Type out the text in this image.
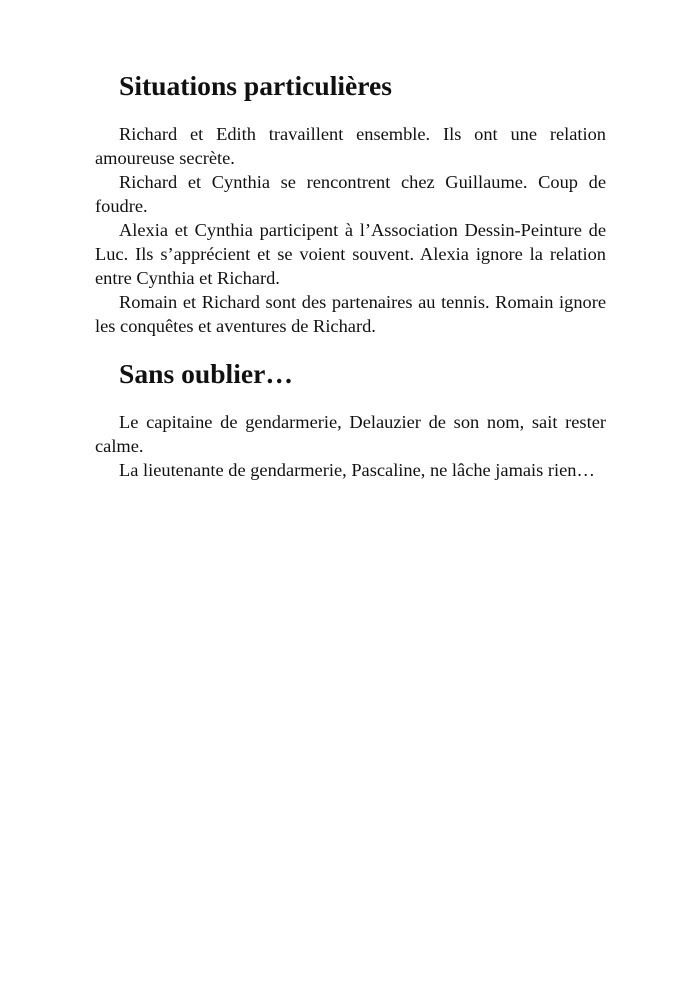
Situations particulières

Richard et Edith travaillent ensemble. Ils ont une relation amoureuse secrète.

Richard et Cynthia se rencontrent chez Guillaume. Coup de foudre.

Alexia et Cynthia participent à l’Association Dessin-Peinture de Luc. Ils s’apprécient et se voient souvent. Alexia ignore la relation entre Cynthia et Richard.

Romain et Richard sont des partenaires au tennis. Romain ignore les conquêtes et aventures de Richard.

Sans oublier…

Le capitaine de gendarmerie, Delauzier de son nom, sait rester calme.

La lieutenante de gendarmerie, Pascaline, ne lâche jamais rien…
